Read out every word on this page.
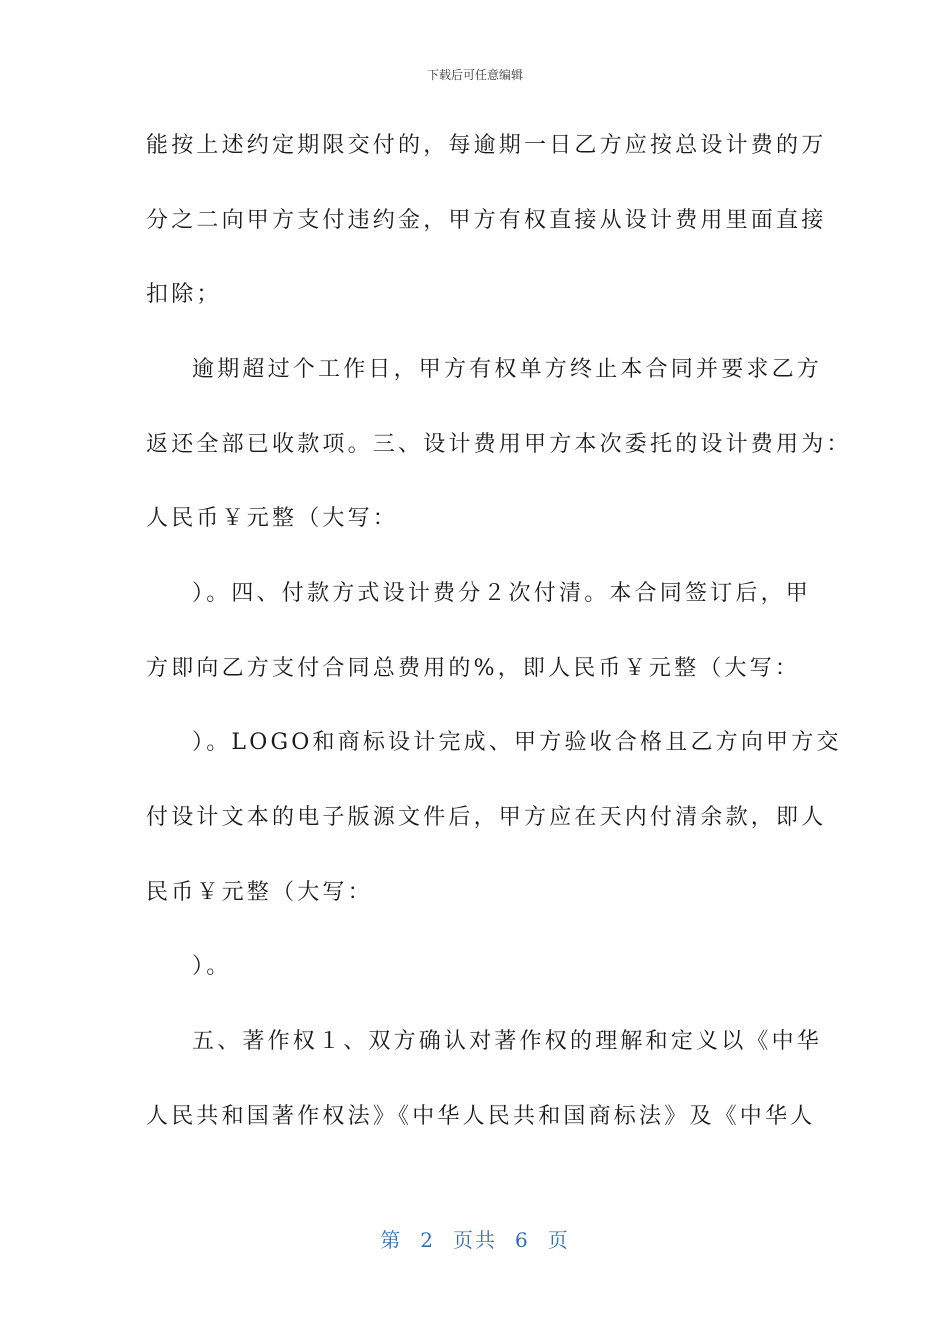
下载后可任意编辑
能按上述约定期限交付的，每逾期一日乙方应按总设计费的万
分之二向甲方支付违约金，甲方有权直接从设计费用里面直接
扣除；
逾期超过个工作日，甲方有权单方终止本合同并要求乙方
返还全部已收款项。三、设计费用甲方本次委托的设计费用为：
人民币￥元整（大写：
）。四、付款方式设计费分２次付清。本合同签订后，甲
方即向乙方支付合同总费用的%，即人民币￥元整（大写：
）。LOGO和商标设计完成、甲方验收合格且乙方向甲方交
付设计文本的电子版源文件后，甲方应在天内付清余款，即人
民币￥元整（大写：
）。
五、著作权１、双方确认对著作权的理解和定义以《中华
人民共和国著作权法》《中华人民共和国商标法》及《中华人
第 2 页共 6 页
